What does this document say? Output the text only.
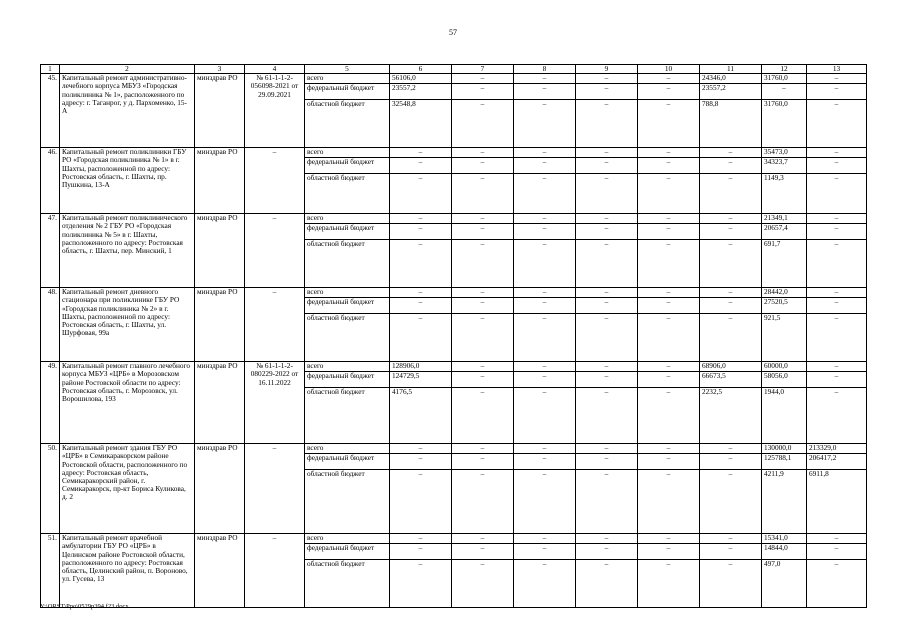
57
1	2	3	4	5	6	7	8	9	10	11	12	13
45.	Капитальный ремонт административно-лечебного корпуса МБУЗ «Городская поликлиника № 1», расположенного по адресу: г. Таганрог, у д. Пархоменко, 15-А	минздрав РО	№ 61-1-1-2-056098-2021 от 29.09.2021	всего	56106,0	–	–	–	–	24346,0	31760,0	–
				федеральный бюджет	23557,2	–	–	–	–	23557,2	–	–
				областной бюджет	32548,8	–	–	–	–	788,8	31760,0	–
46.	Капитальный ремонт поликлиники ГБУ РО «Городская поликлиника № 1» в г. Шахты, расположенной по адресу: Ростовская область, г. Шахты, пр. Пушкина, 13-А	минздрав РО	–	всего	–	–	–	–	–	–	35473,0	–
				федеральный бюджет	–	–	–	–	–	–	34323,7	–
				областной бюджет	–	–	–	–	–	–	1149,3	–
47.	Капитальный ремонт поликлинического отделения № 2 ГБУ РО «Городская поликлиника № 5» в г. Шахты, расположенного по адресу: Ростовская область, г. Шахты, пер. Минский, 1	минздрав РО	–	всего	–	–	–	–	–	–	21349,1	–
				федеральный бюджет	–	–	–	–	–	–	20657,4	–
				областной бюджет	–	–	–	–	–	–	691,7	–
48.	Капитальный ремонт дневного стационара при поликлинике ГБУ РО «Городская поликлиника № 2» в г. Шахты, расположенной по адресу: Ростовская область, г. Шахты, ул. Шурфовая, 99а	минздрав РО	–	всего	–	–	–	–	–	–	28442,0	–
				федеральный бюджет	–	–	–	–	–	–	27520,5	–
				областной бюджет	–	–	–	–	–	–	921,5	–
49.	Капитальный ремонт главного лечебного корпуса МБУЗ «ЦРБ» в Морозовском районе Ростовской области по адресу: Ростовская область, г. Морозовск, ул. Ворошилова, 193	минздрав РО	№ 61-1-1-2-080229-2022 от 16.11.2022	всего	128906,0	–	–	–	–	68906,0	60000,0	–
				федеральный бюджет	124729,5	–	–	–	–	66673,5	58056,0	–
				областной бюджет	4176,5	–	–	–	–	2232,5	1944,0	–
50.	Капитальный ремонт здания ГБУ РО «ЦРБ» в Семикаракорском районе Ростовской области, расположенного по адресу: Ростовская область, Семикаракорский район, г. Семикаракорск, пр-кт Бориса Куликова, д. 2	минздрав РО	–	всего	–	–	–	–	–	–	130000,0	213329,0
				федеральный бюджет	–	–	–	–	–	–	125788,1	206417,2
				областной бюджет	–	–	–	–	–	–	4211,9	6911,8
51.	Капитальный ремонт врачебной амбулатории ГБУ РО «ЦРБ» в Целинском районе Ростовской области, расположенного по адресу: Ростовская область, Целинский район, п. Вороново, ул. Гусева, 13	минздрав РО	–	всего	–	–	–	–	–	–	15341,0	–
				федеральный бюджет	–	–	–	–	–	–	14844,0	–
				областной бюджет	–	–	–	–	–	–	497,0	–
Y:\ORST\Ppo\0529p394.f23.docx
